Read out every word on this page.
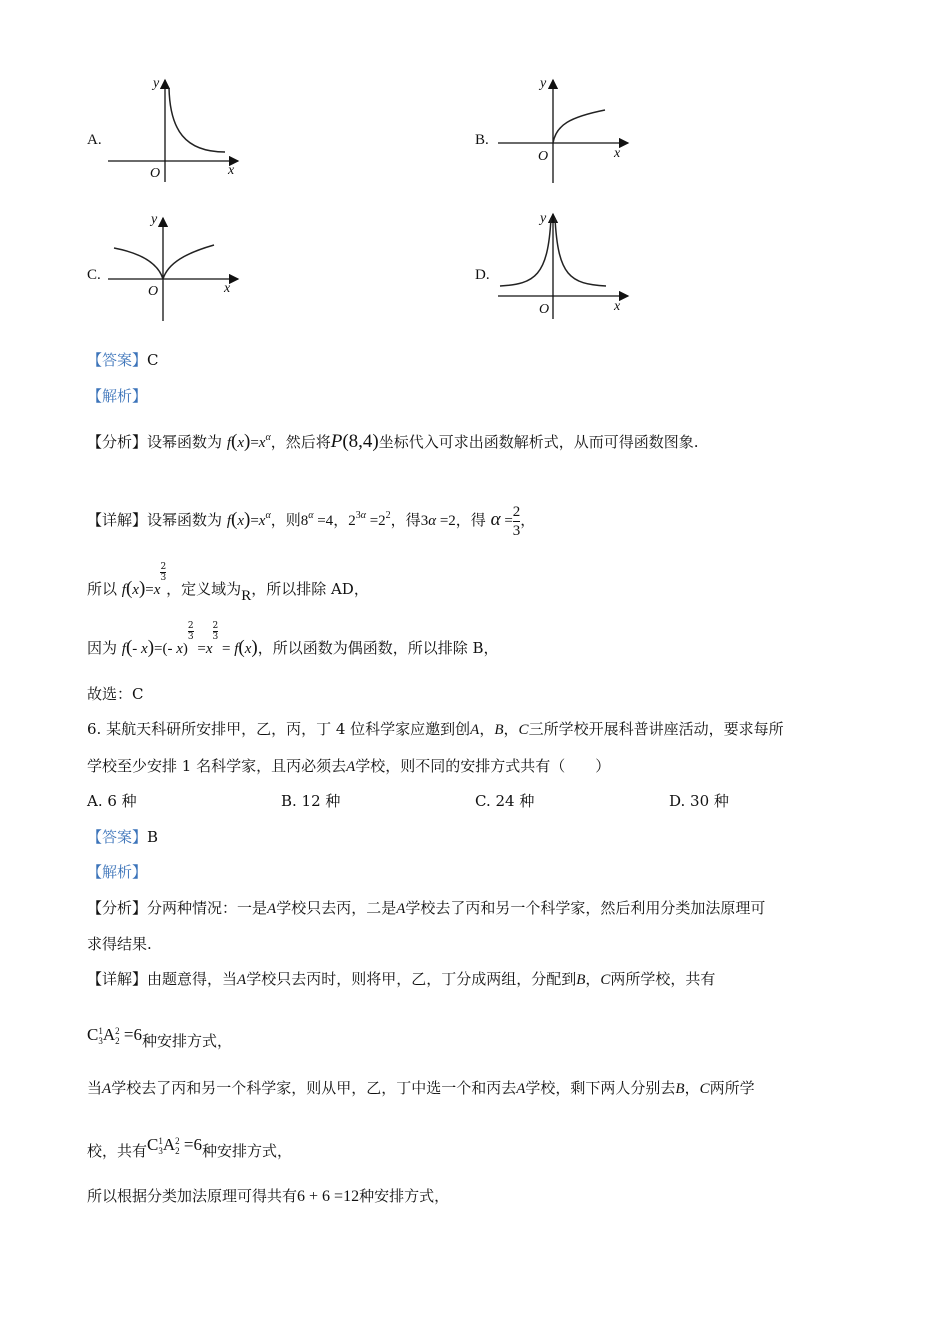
A.
y
x
O
B.
y
x
O
C.
y
x
O
D.
y
x
O
【答案】C
【解析】
【分析】设幂函数为 $f(x)=x^\alpha$，然后将P(8,4)坐标代入可求出函数解析式，从而可得函数图象.
【详解】设幂函数为 $f(x)=x^\alpha$，则$8^\alpha =4$，$2^{3\alpha} =2^2$，得3α =2，得 $\alpha = \frac{2}{3}$ ，
所以 f(x)=x
$\frac{2}{3}$
，定义域为R，所以排除 AD，
因为 f(- x)=(- x)
$\frac{2}{3}$
=x
$\frac{2}{3}$
= f(x)，所以函数为偶函数，所以排除 B，
故选：C
6. 某航天科研所安排甲，乙，丙，丁 4 位科学家应邀到创A，B，C三所学校开展科普讲座活动，要求每所
学校至少安排 1 名科学家，且丙必须去A学校，则不同的安排方式共有（　　）
A. 6 种	B. 12 种	C. 24 种	D. 30 种
【答案】B
【解析】
【分析】分两种情况：一是A学校只去丙，二是A学校去了丙和另一个科学家，然后利用分类加法原理可
求得结果.
【详解】由题意得，当A学校只去丙时，则将甲，乙，丁分成两组，分配到B，C两所学校，共有
C 1
3 A 2
2 =6种安排方式，
当A学校去了丙和另一个科学家，则从甲，乙，丁中选一个和丙去A学校，剩下两人分别去B，C两所学
校，共有C 1
3 A 2
2 =6种安排方式，
所以根据分类加法原理可得共有6 + 6 =12种安排方式，
